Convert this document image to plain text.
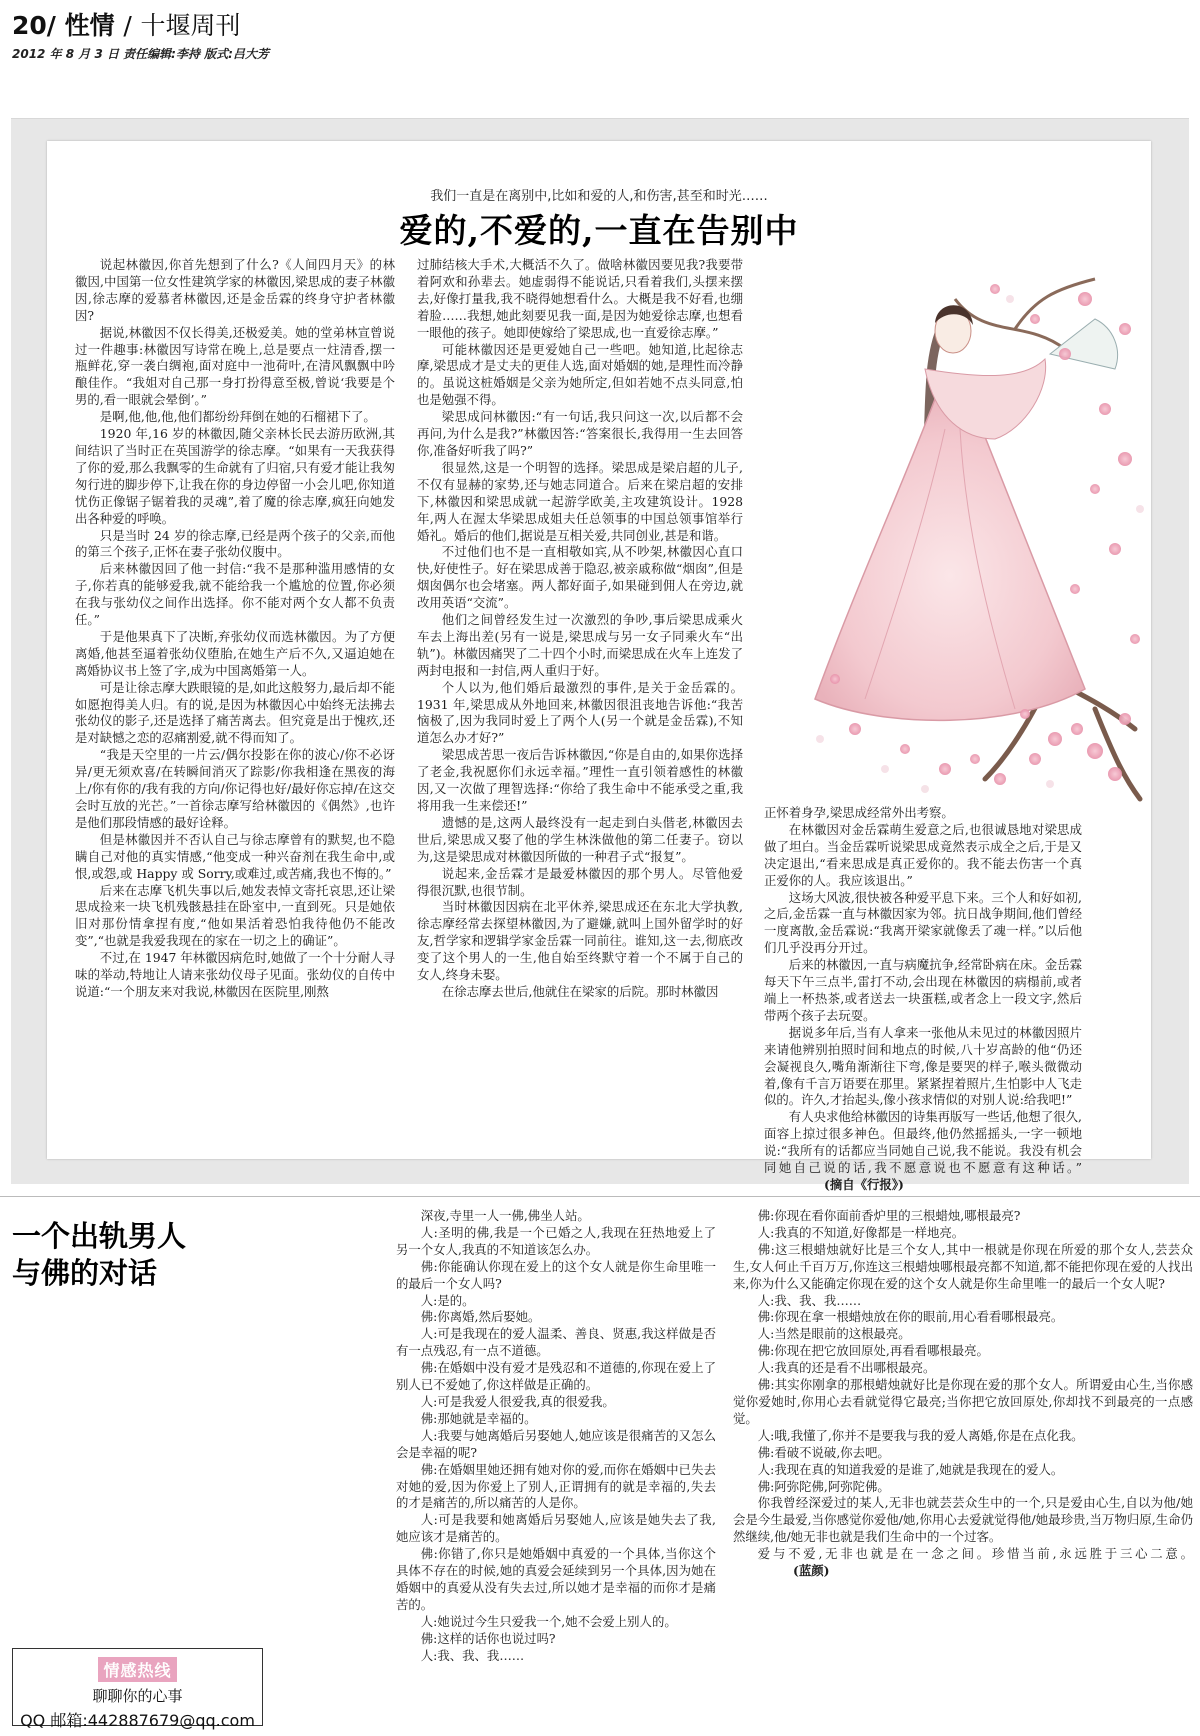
20/ 性情 / 十堰周刊
2012 年 8 月 3 日 责任编辑:李持 版式:吕大芳
我们一直是在离别中,比如和爱的人,和伤害,甚至和时光……
爱的,不爱的,一直在告别中

说起林徽因,你首先想到了什么?《人间四月天》的林徽因,中国第一位女性建筑学家的林徽因,梁思成的妻子林徽因,徐志摩的爱慕者林徽因,还是金岳霖的终身守护者林徽因?

据说,林徽因不仅长得美,还极爱美。她的堂弟林宣曾说过一件趣事:林徽因写诗常在晚上,总是要点一炷清香,摆一瓶鲜花,穿一袭白绸袍,面对庭中一池荷叶,在清风飘飘中吟酿佳作。“我姐对自己那一身打扮得意至极,曾说‘我要是个男的,看一眼就会晕倒’。”

是啊,他,他,他,他们都纷纷拜倒在她的石榴裙下了。

1920 年,16 岁的林徽因,随父亲林长民去游历欧洲,其间结识了当时正在英国游学的徐志摩。“如果有一天我获得了你的爱,那么我飘零的生命就有了归宿,只有爱才能让我匆匆行进的脚步停下,让我在你的身边停留一小会儿吧,你知道忧伤正像锯子锯着我的灵魂”,着了魔的徐志摩,疯狂向她发出各种爱的呼唤。

只是当时 24 岁的徐志摩,已经是两个孩子的父亲,而他的第三个孩子,正怀在妻子张幼仪腹中。

后来林徽因回了他一封信:“我不是那种滥用感情的女子,你若真的能够爱我,就不能给我一个尴尬的位置,你必须在我与张幼仪之间作出选择。你不能对两个女人都不负责任。”

于是他果真下了决断,弃张幼仪而选林徽因。为了方便离婚,他甚至逼着张幼仪堕胎,在她生产后不久,又逼迫她在离婚协议书上签了字,成为中国离婚第一人。

可是让徐志摩大跌眼镜的是,如此这般努力,最后却不能如愿抱得美人归。有的说,是因为林徽因心中始终无法拂去张幼仪的影子,还是选择了痛苦离去。但究竟是出于愧疚,还是对缺憾之恋的忍痛割爱,就不得而知了。

“我是天空里的一片云/偶尔投影在你的波心/你不必讶异/更无须欢喜/在转瞬间消灭了踪影/你我相逢在黑夜的海上/你有你的/我有我的方向/你记得也好/最好你忘掉/在这交会时互放的光芒。”一首徐志摩写给林徽因的《偶然》,也许是他们那段情感的最好诠释。

但是林徽因并不否认自己与徐志摩曾有的默契,也不隐瞒自己对他的真实情感,“他变成一种兴奋剂在我生命中,或恨,或怨,或 Happy 或 Sorry,或难过,或苦痛,我也不悔的。”

后来在志摩飞机失事以后,她发表悼文寄托哀思,还让梁思成捡来一块飞机残骸悬挂在卧室中,一直到死。只是她依旧对那份情拿捏有度,“他如果活着恐怕我待他仍不能改变”,“也就是我爱我现在的家在一切之上的确证”。

不过,在 1947 年林徽因病危时,她做了一个十分耐人寻味的举动,特地让人请来张幼仪母子见面。张幼仪的自传中说道:“一个朋友来对我说,林徽因在医院里,刚熬

过肺结核大手术,大概活不久了。做啥林徽因要见我?我要带着阿欢和孙辈去。她虚弱得不能说话,只看着我们,头摆来摆去,好像打量我,我不晓得她想看什么。大概是我不好看,也绷着脸……我想,她此刻要见我一面,是因为她爱徐志摩,也想看一眼他的孩子。她即使嫁给了梁思成,也一直爱徐志摩。”

可能林徽因还是更爱她自己一些吧。她知道,比起徐志摩,梁思成才是丈夫的更佳人选,面对婚姻的她,是理性而冷静的。虽说这桩婚姻是父亲为她所定,但如若她不点头同意,怕也是勉强不得。

梁思成问林徽因:“有一句话,我只问这一次,以后都不会再问,为什么是我?”林徽因答:“答案很长,我得用一生去回答你,准备好听我了吗?”

很显然,这是一个明智的选择。梁思成是梁启超的儿子,不仅有显赫的家势,还与她志同道合。后来在梁启超的安排下,林徽因和梁思成就一起游学欧美,主攻建筑设计。1928 年,两人在渥太华梁思成姐夫任总领事的中国总领事馆举行婚礼。婚后的他们,据说是互相关爱,共同创业,甚是和谐。

不过他们也不是一直相敬如宾,从不吵架,林徽因心直口快,好使性子。好在梁思成善于隐忍,被亲戚称做“烟囱”,但是烟囱偶尔也会堵塞。两人都好面子,如果碰到佣人在旁边,就改用英语“交流”。

他们之间曾经发生过一次激烈的争吵,事后梁思成乘火车去上海出差(另有一说是,梁思成与另一女子同乘火车“出轨”)。林徽因痛哭了二十四个小时,而梁思成在火车上连发了两封电报和一封信,两人重归于好。

个人以为,他们婚后最激烈的事件,是关于金岳霖的。1931 年,梁思成从外地回来,林徽因很沮丧地告诉他:“我苦恼极了,因为我同时爱上了两个人(另一个就是金岳霖),不知道怎么办才好?”

梁思成苦思一夜后告诉林徽因,“你是自由的,如果你选择了老金,我祝愿你们永远幸福。”理性一直引领着感性的林徽因,又一次做了理智选择:“你给了我生命中不能承受之重,我将用我一生来偿还!”

遗憾的是,这两人最终没有一起走到白头偕老,林徽因去世后,梁思成又娶了他的学生林洙做他的第二任妻子。窃以为,这是梁思成对林徽因所做的一种君子式“报复”。

说起来,金岳霖才是最爱林徽因的那个男人。尽管他爱得很沉默,也很节制。

当时林徽因因病在北平休养,梁思成还在东北大学执教,徐志摩经常去探望林徽因,为了避嫌,就叫上国外留学时的好友,哲学家和逻辑学家金岳霖一同前往。谁知,这一去,彻底改变了这个男人的一生,他自始至终默守着一个不属于自己的女人,终身未娶。

在徐志摩去世后,他就住在梁家的后院。那时林徽因

正怀着身孕,梁思成经常外出考察。

在林徽因对金岳霖萌生爱意之后,也很诚恳地对梁思成做了坦白。当金岳霖听说梁思成竟然表示成全之后,于是又决定退出,“看来思成是真正爱你的。我不能去伤害一个真正爱你的人。我应该退出。”

这场大风波,很快被各种爱平息下来。三个人和好如初,之后,金岳霖一直与林徽因家为邻。抗日战争期间,他们曾经一度离散,金岳霖说:“我离开梁家就像丢了魂一样。”以后他们几乎没再分开过。

后来的林徽因,一直与病魔抗争,经常卧病在床。金岳霖每天下午三点半,雷打不动,会出现在林徽因的病榻前,或者端上一杯热茶,或者送去一块蛋糕,或者念上一段文字,然后带两个孩子去玩耍。

据说多年后,当有人拿来一张他从未见过的林徽因照片来请他辨别拍照时间和地点的时候,八十岁高龄的他“仍还会凝视良久,嘴角渐渐往下弯,像是要哭的样子,喉头微微动着,像有千言万语要在那里。紧紧捏着照片,生怕影中人飞走似的。许久,才抬起头,像小孩求情似的对别人说:给我吧!”

有人央求他给林徽因的诗集再版写一些话,他想了很久,面容上掠过很多神色。但最终,他仍然摇摇头,一字一顿地说:“我所有的话都应当同她自己说,我不能说。我没有机会同她自己说的话,我不愿意说也不愿意有这种话。”(摘自《行报》)

一个出轨男人
与佛的对话

深夜,寺里一人一佛,佛坐人站。

人:圣明的佛,我是一个已婚之人,我现在狂热地爱上了另一个女人,我真的不知道该怎么办。

佛:你能确认你现在爱上的这个女人就是你生命里唯一的最后一个女人吗?

人:是的。

佛:你离婚,然后娶她。

人:可是我现在的爱人温柔、善良、贤惠,我这样做是否有一点残忍,有一点不道德。

佛:在婚姻中没有爱才是残忍和不道德的,你现在爱上了别人已不爱她了,你这样做是正确的。

人:可是我爱人很爱我,真的很爱我。

佛:那她就是幸福的。

人:我要与她离婚后另娶她人,她应该是很痛苦的又怎么会是幸福的呢?

佛:在婚姻里她还拥有她对你的爱,而你在婚姻中已失去对她的爱,因为你爱上了别人,正谓拥有的就是幸福的,失去的才是痛苦的,所以痛苦的人是你。

人:可是我要和她离婚后另娶她人,应该是她失去了我,她应该才是痛苦的。

佛:你错了,你只是她婚姻中真爱的一个具体,当你这个具体不存在的时候,她的真爱会延续到另一个具体,因为她在婚姻中的真爱从没有失去过,所以她才是幸福的而你才是痛苦的。

人:她说过今生只爱我一个,她不会爱上别人的。

佛:这样的话你也说过吗?

人:我、我、我……

佛:你现在看你面前香炉里的三根蜡烛,哪根最亮?

人:我真的不知道,好像都是一样地亮。

佛:这三根蜡烛就好比是三个女人,其中一根就是你现在所爱的那个女人,芸芸众生,女人何止千百万万,你连这三根蜡烛哪根最亮都不知道,都不能把你现在爱的人找出来,你为什么又能确定你现在爱的这个女人就是你生命里唯一的最后一个女人呢?

人:我、我、我……

佛:你现在拿一根蜡烛放在你的眼前,用心看看哪根最亮。

人:当然是眼前的这根最亮。

佛:你现在把它放回原处,再看看哪根最亮。

人:我真的还是看不出哪根最亮。

佛:其实你刚拿的那根蜡烛就好比是你现在爱的那个女人。所谓爱由心生,当你感觉你爱她时,你用心去看就觉得它最亮;当你把它放回原处,你却找不到最亮的一点感觉。

人:哦,我懂了,你并不是要我与我的爱人离婚,你是在点化我。

佛:看破不说破,你去吧。

人:我现在真的知道我爱的是谁了,她就是我现在的爱人。

佛:阿弥陀佛,阿弥陀佛。

你我曾经深爱过的某人,无非也就芸芸众生中的一个,只是爱由心生,自以为他/她会是今生最爱,当你感觉你爱他/她,你用心去爱就觉得他/她最珍贵,当万物归原,生命仍然继续,他/她无非也就是我们生命中的一个过客。

爱与不爱,无非也就是在一念之间。珍惜当前,永远胜于三心二意。(蓝颜)

情感热线
聊聊你的心事
QQ 邮箱:442887679@qq.com
